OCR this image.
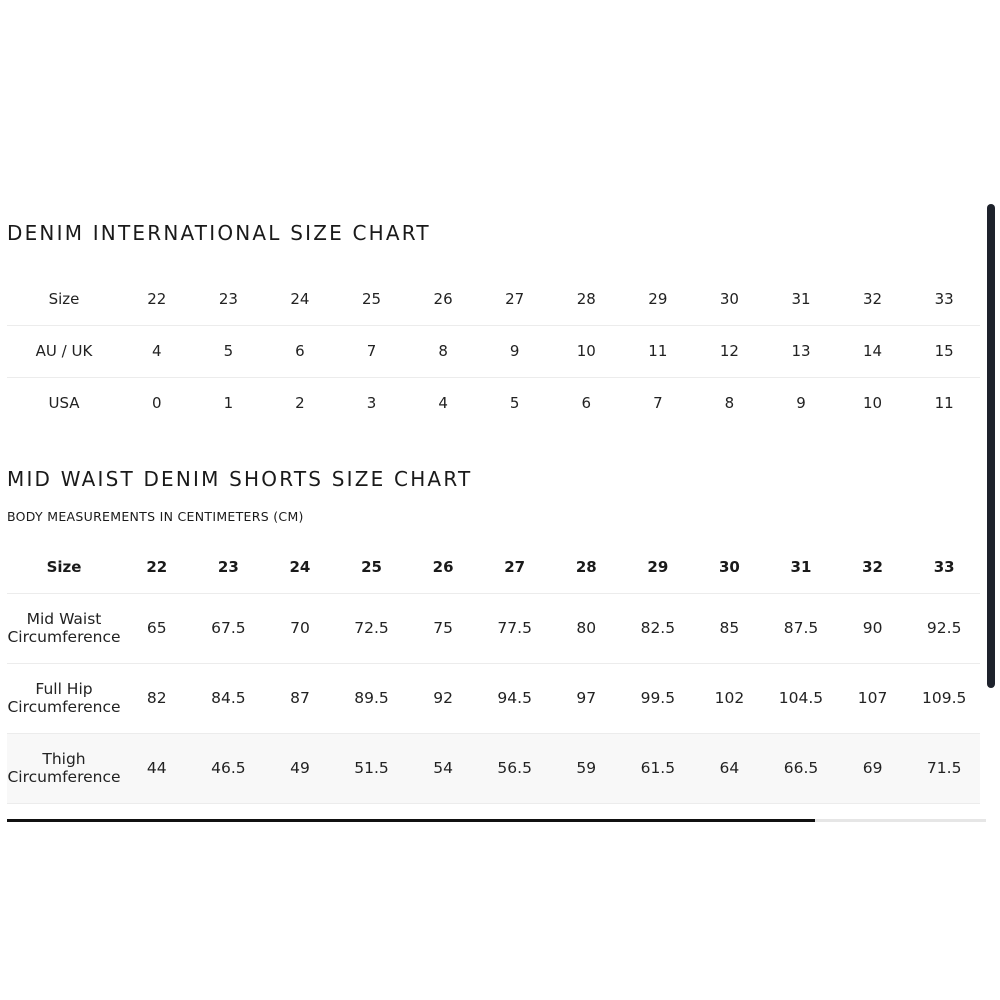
DENIM INTERNATIONAL SIZE CHART
Size	22	23	24	25	26	27	28	29	30	31	32	33
AU / UK	4	5	6	7	8	9	10	11	12	13	14	15
USA	0	1	2	3	4	5	6	7	8	9	10	11
MID WAIST DENIM SHORTS SIZE CHART

BODY MEASUREMENTS IN CENTIMETERS (CM)

Size	22	23	24	25	26	27	28	29	30	31	32	33

Mid Waist
Circumference	65	67.5	70	72.5	75	77.5	80	82.5	85	87.5	90	92.5

Full Hip
Circumference	82	84.5	87	89.5	92	94.5	97	99.5	102	104.5	107	109.5

Thigh
Circumference	44	46.5	49	51.5	54	56.5	59	61.5	64	66.5	69	71.5
